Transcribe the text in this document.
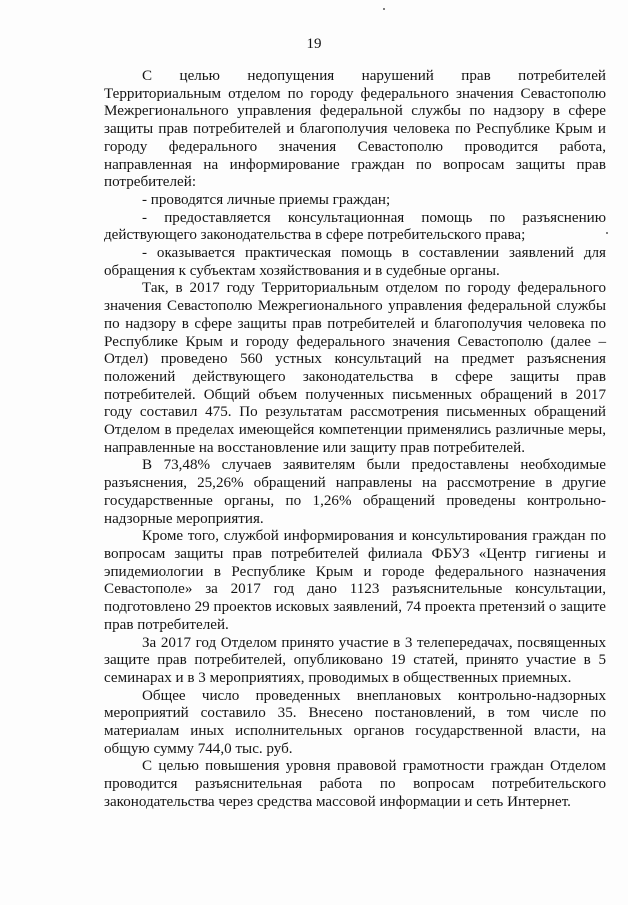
19

С целью недопущения нарушений прав потребителей Территориальным отделом по городу федерального значения Севастополю Межрегионального управления федеральной службы по надзору в сфере защиты прав потребителей и благополучия человека по Республике Крым и городу федерального значения Севастополю проводится работа, направленная на информирование граждан по вопросам защиты прав потребителей:

- проводятся личные приемы граждан;

- предоставляется консультационная помощь по разъяснению действующего законодательства в сфере потребительского права;

- оказывается практическая помощь в составлении заявлений для обращения к субъектам хозяйствования и в судебные органы.

Так, в 2017 году Территориальным отделом по городу федерального значения Севастополю Межрегионального управления федеральной службы по надзору в сфере защиты прав потребителей и благополучия человека по Республике Крым и городу федерального значения Севастополю (далее – Отдел) проведено 560 устных консультаций на предмет разъяснения положений действующего законодательства в сфере защиты прав потребителей. Общий объем полученных письменных обращений в 2017 году составил 475. По результатам рассмотрения письменных обращений Отделом в пределах имеющейся компетенции применялись различные меры, направленные на восстановление или защиту прав потребителей.

В 73,48% случаев заявителям были предоставлены необходимые разъяснения, 25,26% обращений направлены на рассмотрение в другие государственные органы, по 1,26% обращений проведены контрольно-надзорные мероприятия.

Кроме того, службой информирования и консультирования граждан по вопросам защиты прав потребителей филиала ФБУЗ «Центр гигиены и эпидемиологии в Республике Крым и городе федерального назначения Севастополе» за 2017 год дано 1123 разъяснительные консультации, подготовлено 29 проектов исковых заявлений, 74 проекта претензий о защите прав потребителей.

За 2017 год Отделом принято участие в 3 телепередачах, посвященных защите прав потребителей, опубликовано 19 статей, принято участие в 5 семинарах и в 3 мероприятиях, проводимых в общественных приемных.

Общее число проведенных внеплановых контрольно-надзорных мероприятий составило 35. Внесено постановлений, в том числе по материалам иных исполнительных органов государственной власти, на общую сумму 744,0 тыс. руб.

С целью повышения уровня правовой грамотности граждан Отделом проводится разъяснительная работа по вопросам потребительского законодательства через средства массовой информации и сеть Интернет.
